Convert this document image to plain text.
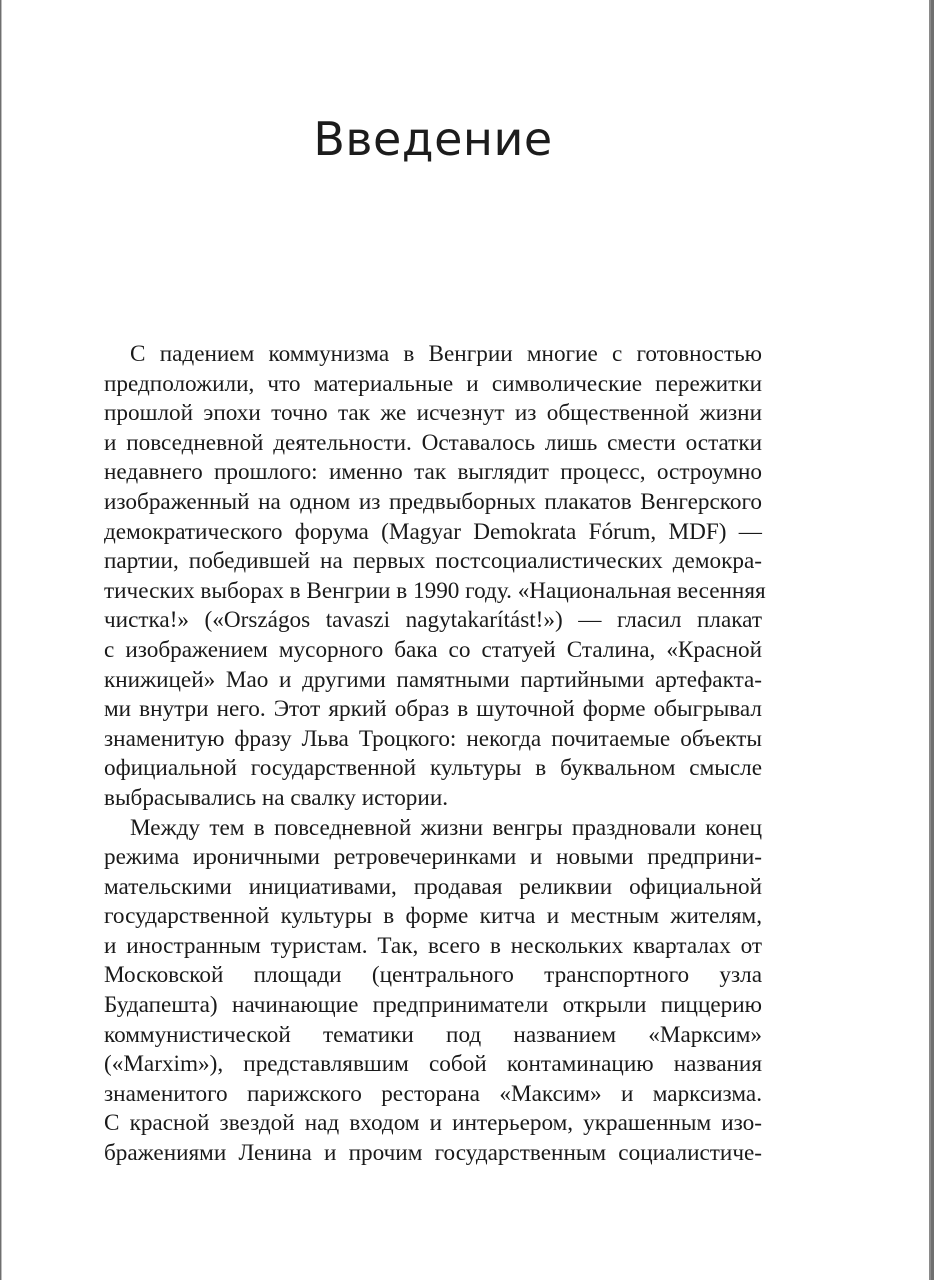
Введение
С падением коммунизма в Венгрии многие с готовностью
предположили, что материальные и символические пережитки
прошлой эпохи точно так же исчезнут из общественной жизни
и повседневной деятельности. Оставалось лишь смести остатки
недавнего прошлого: именно так выглядит процесс, остроумно
изображенный на одном из предвыборных плакатов Венгерского
демократического форума (Magyar Demokrata Fórum, MDF) —
партии, победившей на первых постсоциалистических демокра-
тических выборах в Венгрии в 1990 году. «Национальная весенняя
чистка!» («Országos tavaszi nagytakarítást!») — гласил плакат
с изображением мусорного бака со статуей Сталина, «Красной
книжицей» Мао и другими памятными партийными артефакта-
ми внутри него. Этот яркий образ в шуточной форме обыгрывал
знаменитую фразу Льва Троцкого: некогда почитаемые объекты
официальной государственной культуры в буквальном смысле
выбрасывались на свалку истории.
Между тем в повседневной жизни венгры праздновали конец
режима ироничными ретровечеринками и новыми предприни-
мательскими инициативами, продавая реликвии официальной
государственной культуры в форме китча и местным жителям,
и иностранным туристам. Так, всего в нескольких кварталах от
Московской площади (центрального транспортного узла
Будапешта) начинающие предприниматели открыли пиццерию
коммунистической тематики под названием «Марксим»
(«Marxim»), представлявшим собой контаминацию названия
знаменитого парижского ресторана «Максим» и марксизма.
С красной звездой над входом и интерьером, украшенным изо-
бражениями Ленина и прочим государственным социалистиче-
